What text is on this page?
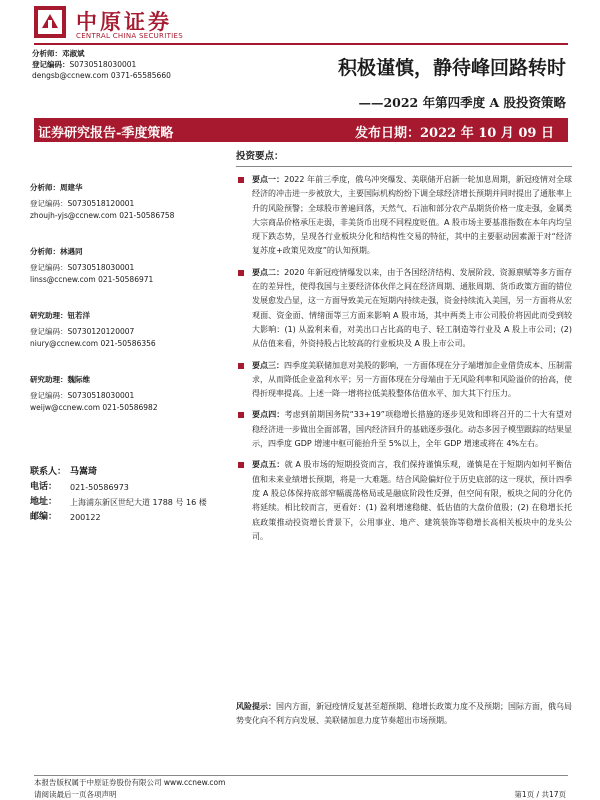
中原证券
CENTRAL CHINA SECURITIES
分析师：邓淑斌
登记编码：S0730518030001
dengsb@ccnew.com 0371-65585660	积极谨慎，静待峰回路转时
——2022 年第四季度 A 股投资策略
证券研究报告-季度策略	发布日期：2022 年 10 月 09 日
分析师：周建华
登记编码：S0730518120001
zhoujh-yjs@ccnew.com 021-50586758
分析师：林遇同
登记编码：S0730518030001
linss@ccnew.com 021-50586971
研究助理：钮若洋
登记编码：S0730120120007
niury@ccnew.com 021-50586356
研究助理：魏际维
登记编码：S0730518030001
weijw@ccnew.com 021-50586982
联系人： 马嵩琦
电话：	021-50586973
地址：	上海浦东新区世纪大道 1788 号 16 楼
邮编：	200122
投资要点：
要点一：2022 年前三季度，俄乌冲突爆发、美联储开启新一轮加息周期，新冠疫情对全球经济的冲击进一步被放大，主要国际机构纷纷下调全球经济增长预期并同时提出了通胀率上升的风险预警；全球股市普遍回落，天然气、石油和部分农产品期货价格一度走强，金属类大宗商品价格承压走弱，非美货币出现不同程度贬值。A 股市场主要基准指数在本年内均呈现下跌态势，呈现各行业板块分化和结构性交易的特征，其中的主要驱动因素源于对“经济复苏度+政策见效度”的认知预期。
要点二：2020 年新冠疫情爆发以来，由于各国经济结构、发展阶段、资源禀赋等多方面存在的差异性，使得我国与主要经济体伙伴之间在经济周期、通胀周期、货币政策方面的错位发展愈发凸显，这一方面导致美元在短期内持续走强，资金持续流入美国，另一方面将从宏观面、资金面、情绪面等三方面来影响 A 股市场，其中两类上市公司股价将因此而受到较大影响：(1) 从盈利来看，对美出口占比高的电子、轻工制造等行业及 A 股上市公司；(2) 从估值来看，外资持股占比较高的行业板块及 A 股上市公司。
要点三：四季度美联储加息对美股的影响，一方面体现在分子端增加企业借贷成本、压制需求，从而降低企业盈利水平；另一方面体现在分母端由于无风险利率和风险溢价的抬高，使得折现率提高。上述一降一增将拉低美股整体估值水平、加大其下行压力。
要点四：考虑到前期国务院“33+19”项稳增长措施的逐步见效和即将召开的二十大有望对稳经济进一步做出全面部署，国内经济回升的基础逐步强化。动态多因子模型跟踪的结果显示，四季度 GDP 增速中枢可能抬升至 5%以上，全年 GDP 增速或将在 4%左右。
要点五：就 A 股市场的短期投资而言，我们保持谨慎乐观，谨慎是在于短期内如何平衡估值和未来业绩增长预期，将是一大难题。结合风险偏好位于历史底部的这一现状，预计四季度 A 股总体保持底部窄幅震荡格局或是融底阶段性反弹，但空间有限，板块之间的分化仍将延续。相比较而言，更看好：(1) 盈利增速稳健、低估值的大盘价值股；(2) 在稳增长托底政策推动投资增长背景下，公用事业、地产、建筑装饰等稳增长高相关板块中的龙头公司。
风险提示：国内方面，新冠疫情反复甚至超预期、稳增长政策力度不及预期；国际方面，俄乌局势变化向不利方向发展、美联储加息力度节奏超出市场预期。
本报告版权属于中原证券股份有限公司 www.ccnew.com
请阅读最后一页各项声明	第1页 / 共17页
